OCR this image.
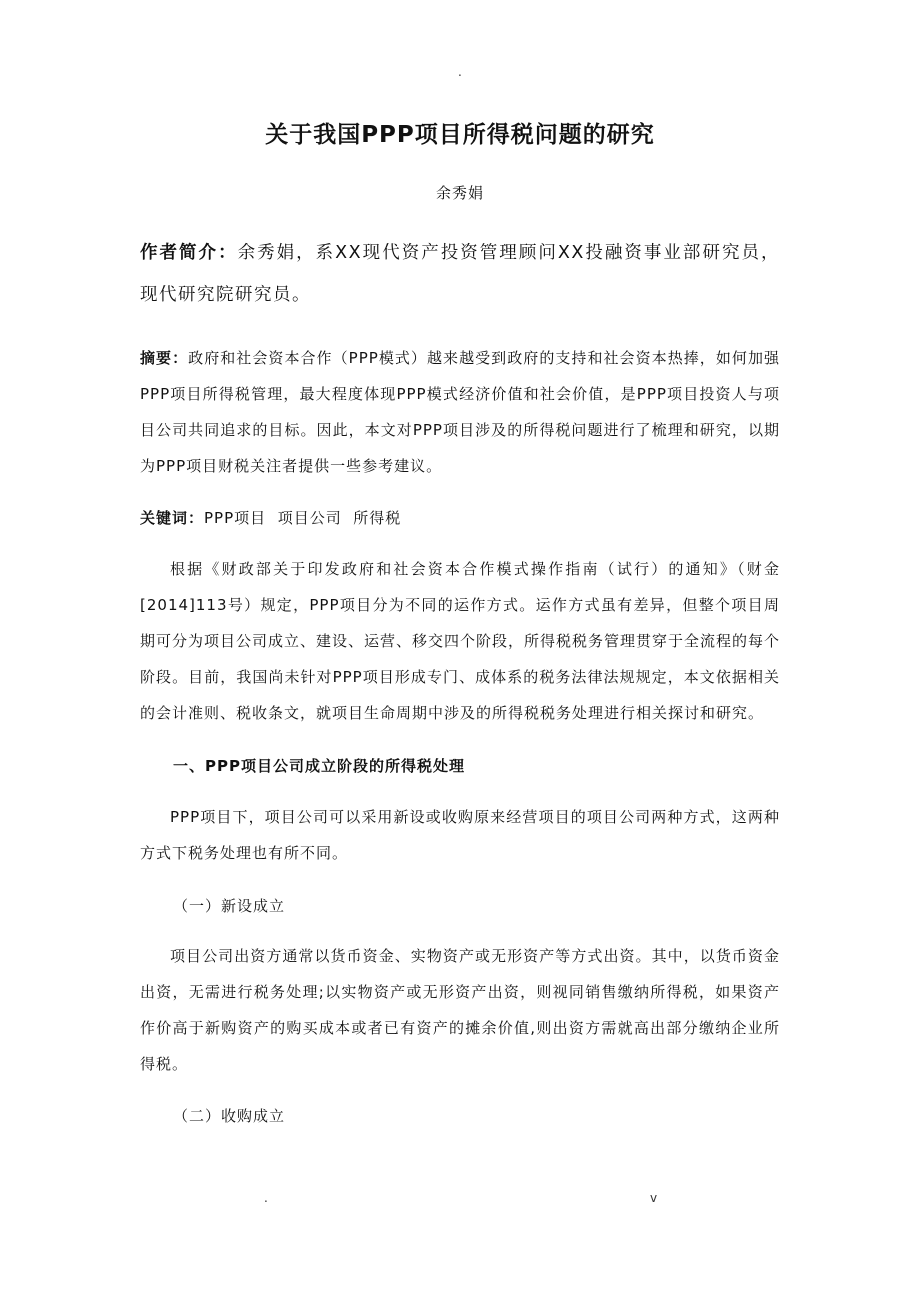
.
关于我国PPP项目所得税问题的研究
余秀娟

作者简介：余秀娟，系XX现代资产投资管理顾问XX投融资事业部研究员，现代研究院研究员。

摘要：政府和社会资本合作（PPP模式）越来越受到政府的支持和社会资本热捧，如何加强PPP项目所得税管理，最大程度体现PPP模式经济价值和社会价值，是PPP项目投资人与项目公司共同追求的目标。因此，本文对PPP项目涉及的所得税问题进行了梳理和研究，以期为PPP项目财税关注者提供一些参考建议。

关键词：PPP项目  项目公司  所得税

根据《财政部关于印发政府和社会资本合作模式操作指南（试行）的通知》（财金[2014]113号）规定，PPP项目分为不同的运作方式。运作方式虽有差异，但整个项目周期可分为项目公司成立、建设、运营、移交四个阶段，所得税税务管理贯穿于全流程的每个阶段。目前，我国尚未针对PPP项目形成专门、成体系的税务法律法规规定，本文依据相关的会计准则、税收条文，就项目生命周期中涉及的所得税税务处理进行相关探讨和研究。

一、PPP项目公司成立阶段的所得税处理

PPP项目下，项目公司可以采用新设或收购原来经营项目的项目公司两种方式，这两种方式下税务处理也有所不同。

（一）新设成立

项目公司出资方通常以货币资金、实物资产或无形资产等方式出资。其中，以货币资金出资，无需进行税务处理;以实物资产或无形资产出资，则视同销售缴纳所得税，如果资产作价高于新购资产的购买成本或者已有资产的摊余价值,则出资方需就高出部分缴纳企业所得税。

（二）收购成立

.	v
